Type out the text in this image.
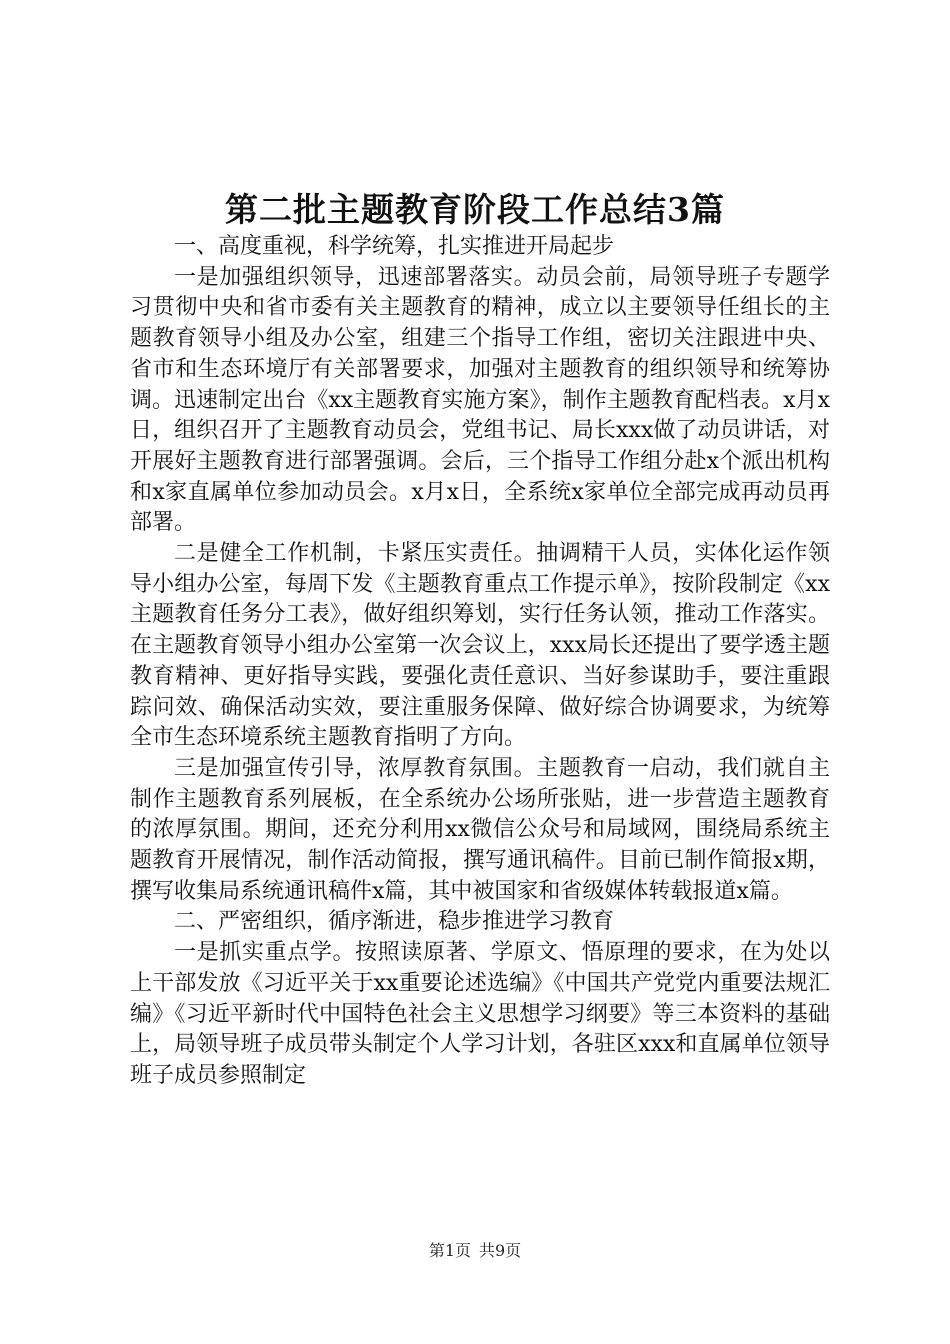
第二批主题教育阶段工作总结3篇

一、高度重视，科学统筹，扎实推进开局起步

一是加强组织领导，迅速部署落实。动员会前，局领导班子专题学习贯彻中央和省市委有关主题教育的精神，成立以主要领导任组长的主题教育领导小组及办公室，组建三个指导工作组，密切关注跟进中央、省市和生态环境厅有关部署要求，加强对主题教育的组织领导和统筹协调。迅速制定出台《xx主题教育实施方案》，制作主题教育配档表。x月x日，组织召开了主题教育动员会，党组书记、局长xxx做了动员讲话，对开展好主题教育进行部署强调。会后，三个指导工作组分赴x个派出机构和x家直属单位参加动员会。x月x日，全系统x家单位全部完成再动员再部署。

二是健全工作机制，卡紧压实责任。抽调精干人员，实体化运作领导小组办公室，每周下发《主题教育重点工作提示单》，按阶段制定《xx主题教育任务分工表》，做好组织筹划，实行任务认领，推动工作落实。在主题教育领导小组办公室第一次会议上，xxx局长还提出了要学透主题教育精神、更好指导实践，要强化责任意识、当好参谋助手，要注重跟踪问效、确保活动实效，要注重服务保障、做好综合协调要求，为统筹全市生态环境系统主题教育指明了方向。

三是加强宣传引导，浓厚教育氛围。主题教育一启动，我们就自主制作主题教育系列展板，在全系统办公场所张贴，进一步营造主题教育的浓厚氛围。期间，还充分利用xx微信公众号和局域网，围绕局系统主题教育开展情况，制作活动简报，撰写通讯稿件。目前已制作简报x期，撰写收集局系统通讯稿件x篇，其中被国家和省级媒体转载报道x篇。

二、严密组织，循序渐进，稳步推进学习教育

一是抓实重点学。按照读原著、学原文、悟原理的要求，在为处以上干部发放《习近平关于xx重要论述选编》《中国共产党党内重要法规汇编》《习近平新时代中国特色社会主义思想学习纲要》等三本资料的基础上，局领导班子成员带头制定个人学习计划，各驻区xxx和直属单位领导班子成员参照制定

第1页 共9页
